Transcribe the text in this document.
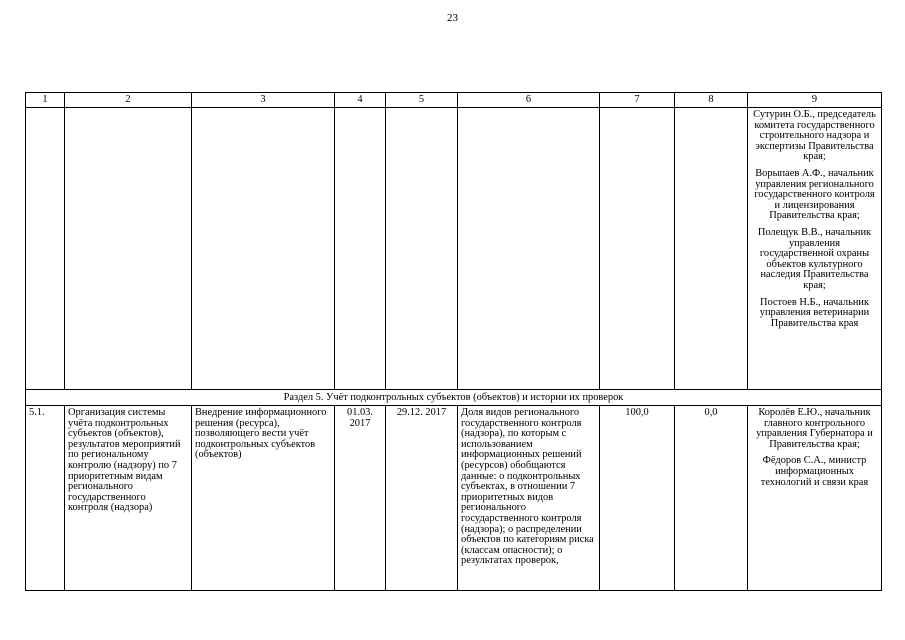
23
1	2	3	4	5	6	7	8	9

								Сутурин О.Б., председатель комитета государственного строительного надзора и экспертизы Правительства края;

Ворыпаев А.Ф., начальник управления регионального государственного контроля и лицензирования Правительства края;

Полещук В.В., начальник управления государственной охраны объектов культурного наследия Правительства края;

Постоев Н.Б., начальник управления ветеринарии Правительства края

Раздел 5. Учёт подконтрольных субъектов (объектов) и истории их проверок								
5.1.	Организация системы учёта подконтрольных субъектов (объектов), результатов мероприятий по региональному контролю (надзору) по 7 приоритетным видам регионального государственного контроля (надзора)	Внедрение информационного решения (ресурса), позволяющего вести учёт подконтрольных субъектов (объектов)	01.03. 2017	29.12. 2017	Доля видов регионального государственного контроля (надзора), по которым с использованием информационных решений (ресурсов) обобщаются данные: о подконтрольных субъектах, в отношении 7 приоритетных видов регионального государственного контроля (надзора); о распределении объектов по категориям риска (классам опасности); о результатах проверок,	100,0	0,0	Королёв Е.Ю., начальник главного контрольного управления Губернатора и Правительства края;

Фёдоров С.А., министр информационных технологий и связи края
